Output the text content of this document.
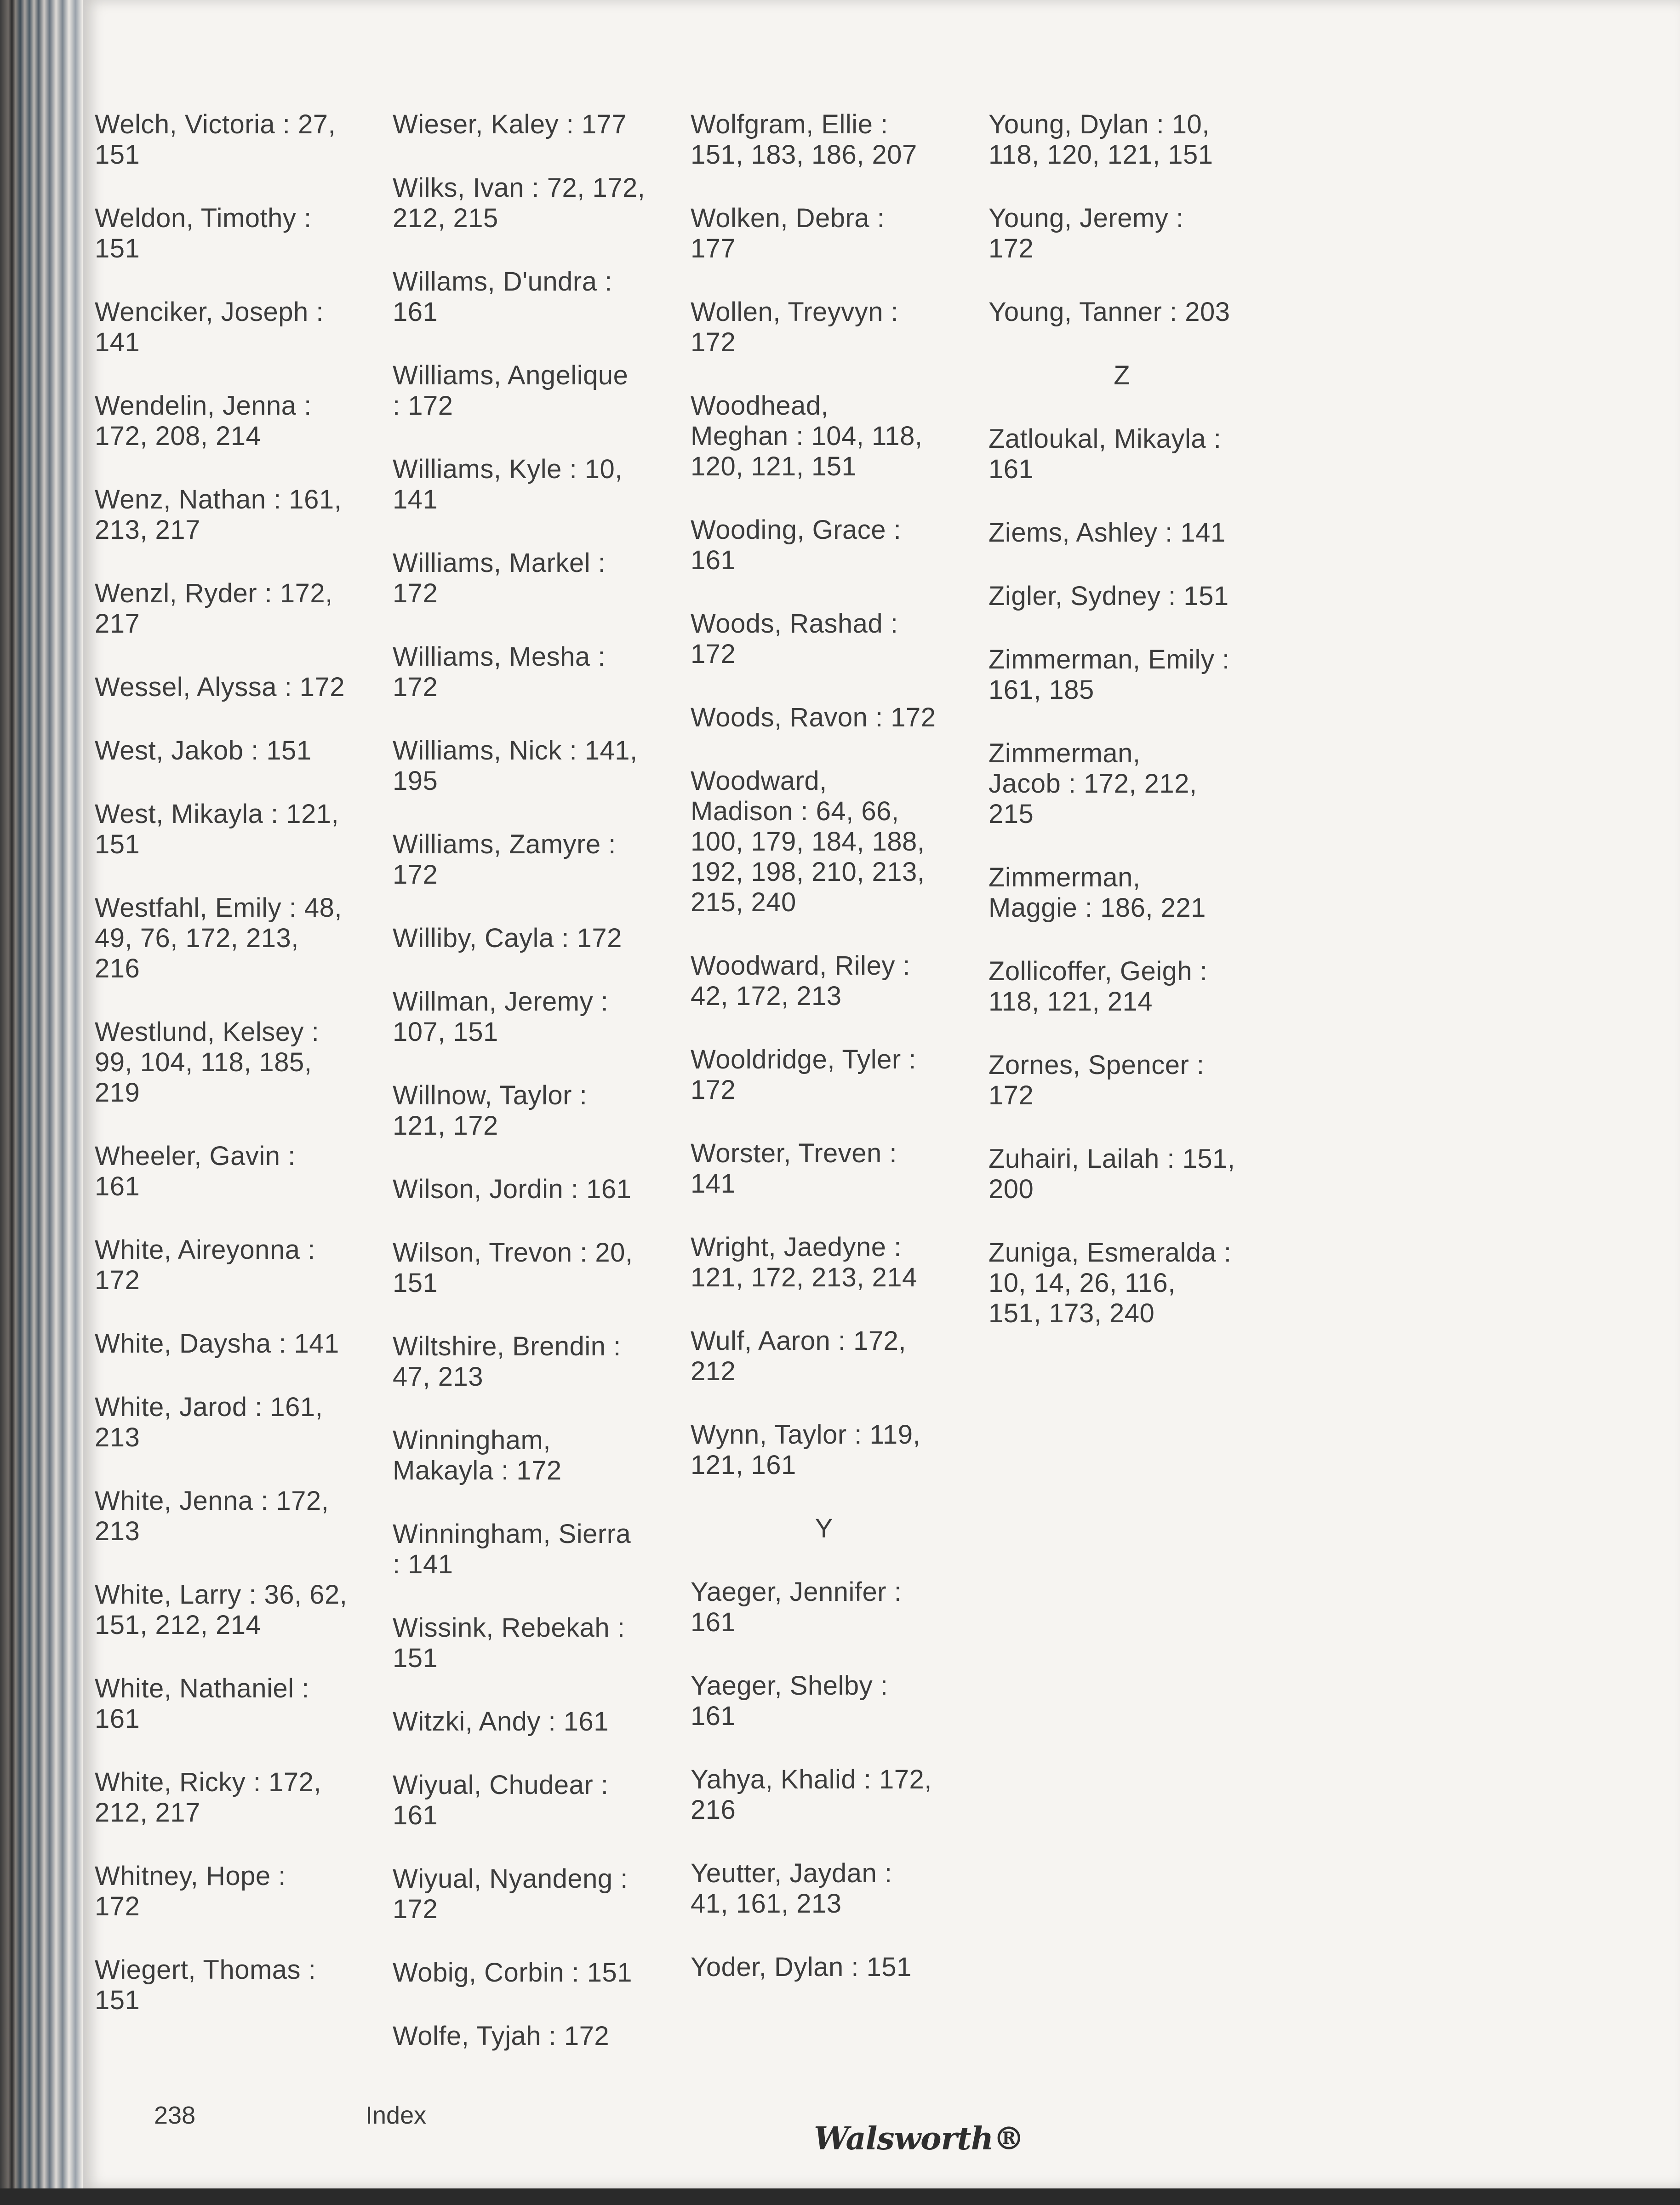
Welch, Victoria : 27,
151
Weldon, Timothy :
151
Wenciker, Joseph :
141
Wendelin, Jenna :
172, 208, 214
Wenz, Nathan : 161,
213, 217
Wenzl, Ryder : 172,
217
Wessel, Alyssa : 172
West, Jakob : 151
West, Mikayla : 121,
151
Westfahl, Emily : 48,
49, 76, 172, 213,
216
Westlund, Kelsey :
99, 104, 118, 185,
219
Wheeler, Gavin :
161
White, Aireyonna :
172
White, Daysha : 141
White, Jarod : 161,
213
White, Jenna : 172,
213
White, Larry : 36, 62,
151, 212, 214
White, Nathaniel :
161
White, Ricky : 172,
212, 217
Whitney, Hope :
172
Wiegert, Thomas :
151
Wieser, Kaley : 177
Wilks, Ivan : 72, 172,
212, 215
Willams, D'undra :
161
Williams, Angelique
: 172
Williams, Kyle : 10,
141
Williams, Markel :
172
Williams, Mesha :
172
Williams, Nick : 141,
195
Williams, Zamyre :
172
Williby, Cayla : 172
Willman, Jeremy :
107, 151
Willnow, Taylor :
121, 172
Wilson, Jordin : 161
Wilson, Trevon : 20,
151
Wiltshire, Brendin :
47, 213
Winningham,
Makayla : 172
Winningham, Sierra
: 141
Wissink, Rebekah :
151
Witzki, Andy : 161
Wiyual, Chudear :
161
Wiyual, Nyandeng :
172
Wobig, Corbin : 151
Wolfe, Tyjah : 172
Wolfgram, Ellie :
151, 183, 186, 207
Wolken, Debra :
177
Wollen, Treyvyn :
172
Woodhead,
Meghan : 104, 118,
120, 121, 151
Wooding, Grace :
161
Woods, Rashad :
172
Woods, Ravon : 172
Woodward,
Madison : 64, 66,
100, 179, 184, 188,
192, 198, 210, 213,
215, 240
Woodward, Riley :
42, 172, 213
Wooldridge, Tyler :
172
Worster, Treven :
141
Wright, Jaedyne :
121, 172, 213, 214
Wulf, Aaron : 172,
212
Wynn, Taylor : 119,
121, 161
Y
Yaeger, Jennifer :
161
Yaeger, Shelby :
161
Yahya, Khalid : 172,
216
Yeutter, Jaydan :
41, 161, 213
Yoder, Dylan : 151
Young, Dylan : 10,
118, 120, 121, 151
Young, Jeremy :
172
Young, Tanner : 203
Z
Zatloukal, Mikayla :
161
Ziems, Ashley : 141
Zigler, Sydney : 151
Zimmerman, Emily :
161, 185
Zimmerman,
Jacob : 172, 212,
215
Zimmerman,
Maggie : 186, 221
Zollicoffer, Geigh :
118, 121, 214
Zornes, Spencer :
172
Zuhairi, Lailah : 151,
200
Zuniga, Esmeralda :
10, 14, 26, 116,
151, 173, 240
238	Index
Walsworth®
